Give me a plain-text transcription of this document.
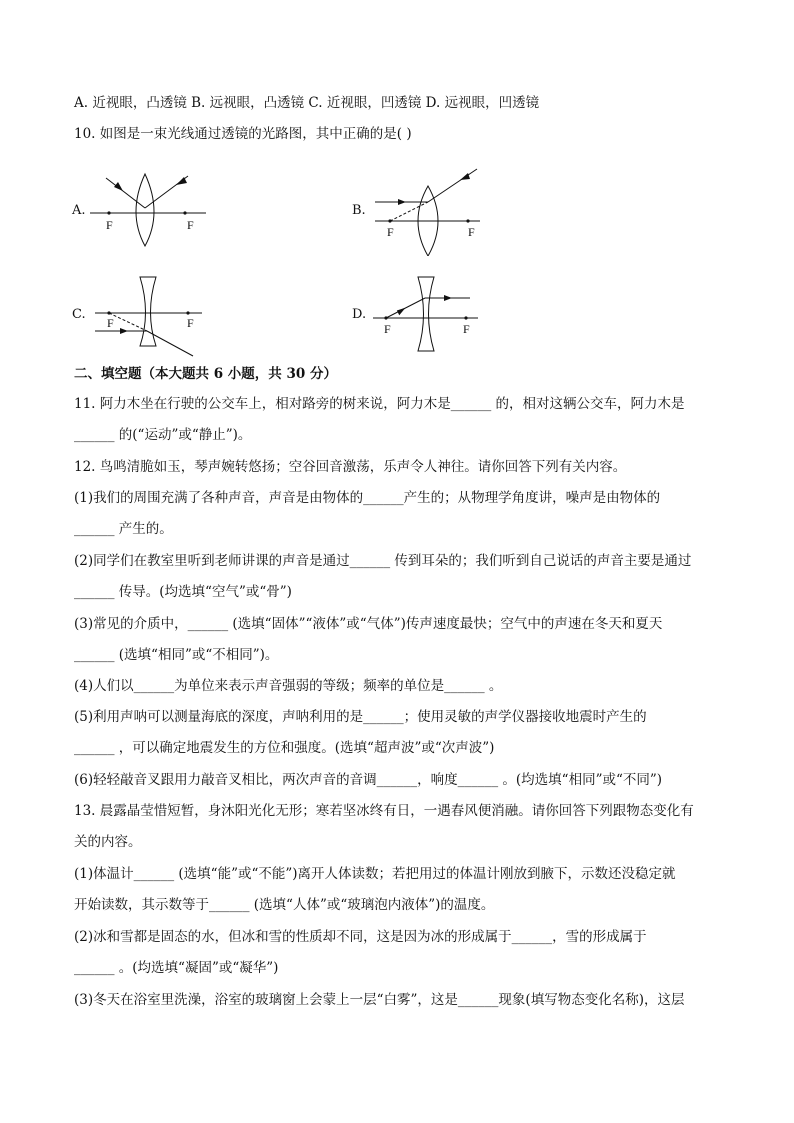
A. 近视眼，凸透镜 B. 远视眼，凸透镜 C. 近视眼，凹透镜 D. 远视眼，凹透镜
10. 如图是一束光线通过透镜的光路图，其中正确的是( )
二、填空题（本大题共 6 小题，共 30 分）
11. 阿力木坐在行驶的公交车上，相对路旁的树来说，阿力木是______ 的，相对这辆公交车，阿力木是
______ 的(“运动”或“静止”)。
12. 鸟鸣清脆如玉，琴声婉转悠扬；空谷回音激荡，乐声令人神往。请你回答下列有关内容。
(1)我们的周围充满了各种声音，声音是由物体的______产生的；从物理学角度讲，噪声是由物体的
______ 产生的。
(2)同学们在教室里听到老师讲课的声音是通过______ 传到耳朵的；我们听到自己说话的声音主要是通过
______ 传导。(均选填“空气”或“骨”)
(3)常见的介质中，______ (选填“固体”“液体”或“气体”)传声速度最快；空气中的声速在冬天和夏天
______ (选填“相同”或“不相同”)。
(4)人们以______为单位来表示声音强弱的等级；频率的单位是______ 。
(5)利用声呐可以测量海底的深度，声呐利用的是______；使用灵敏的声学仪器接收地震时产生的
______ ，可以确定地震发生的方位和强度。(选填“超声波”或“次声波”)
(6)轻轻敲音叉跟用力敲音叉相比，两次声音的音调______，响度______ 。(均选填“相同”或“不同”)
13. 晨露晶莹惜短暂，身沐阳光化无形；寒若坚冰终有日，一遇春风便消融。请你回答下列跟物态变化有
关的内容。
(1)体温计______ (选填“能”或“不能”)离开人体读数；若把用过的体温计刚放到腋下，示数还没稳定就
开始读数，其示数等于______ (选填“人体”或“玻璃泡内液体”)的温度。
(2)冰和雪都是固态的水，但冰和雪的性质却不同，这是因为冰的形成属于______，雪的形成属于
______ 。(均选填“凝固”或“凝华”)
(3)冬天在浴室里洗澡，浴室的玻璃窗上会蒙上一层“白雾”，这是______现象(填写物态变化名称)，这层
A.
F	F
B.
F	F
C.
F	F
D.
F	F
